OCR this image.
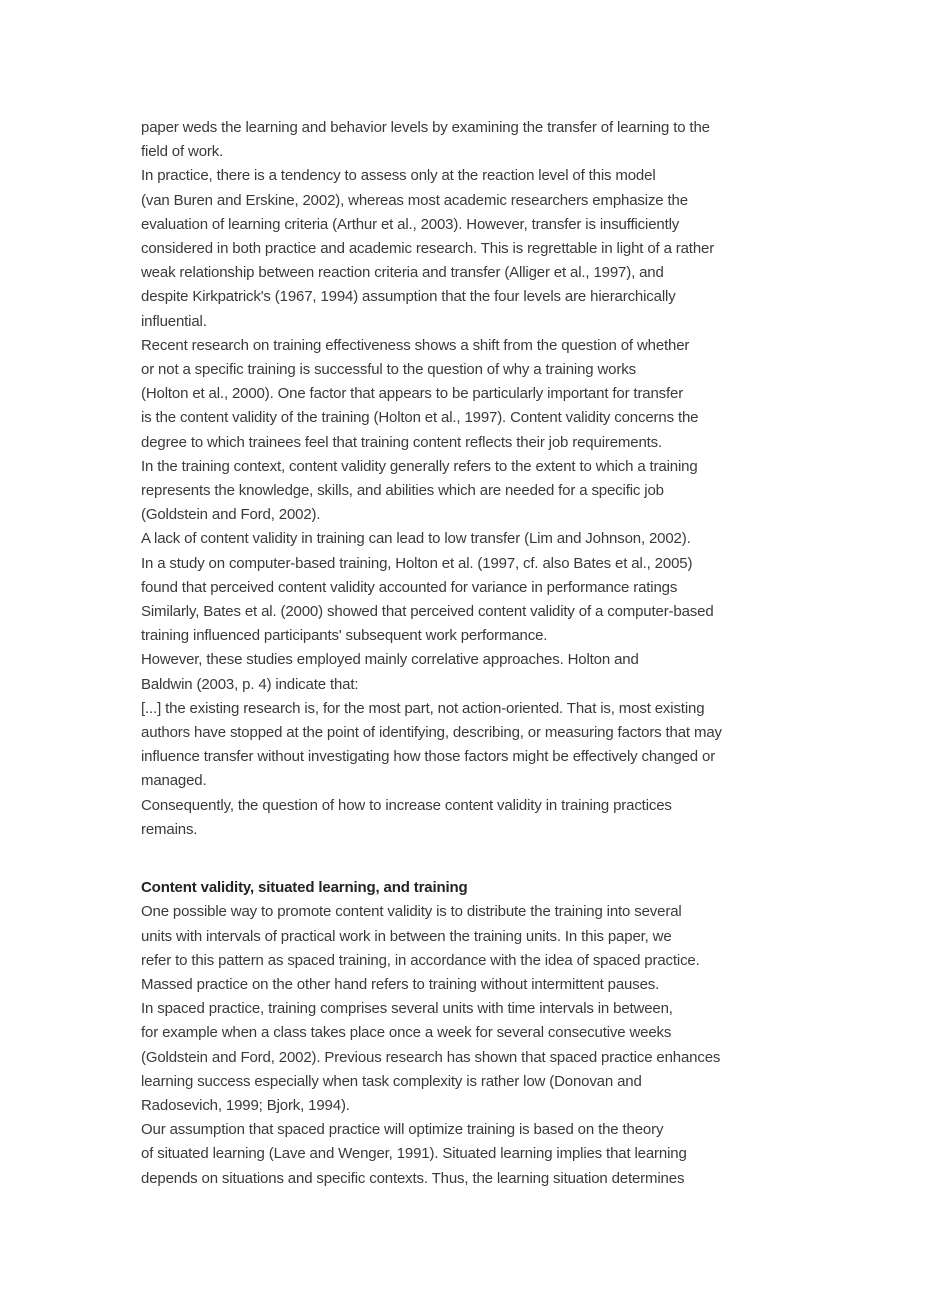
paper weds the learning and behavior levels by examining the transfer of learning to the
field of work.

In practice, there is a tendency to assess only at the reaction level of this model
(van Buren and Erskine, 2002), whereas most academic researchers emphasize the
evaluation of learning criteria (Arthur et al., 2003). However, transfer is insufficiently
considered in both practice and academic research. This is regrettable in light of a rather
weak relationship between reaction criteria and transfer (Alliger et al., 1997), and
despite Kirkpatrick's (1967, 1994) assumption that the four levels are hierarchically
influential.

Recent research on training effectiveness shows a shift from the question of whether
or not a specific training is successful to the question of why a training works
(Holton et al., 2000). One factor that appears to be particularly important for transfer
is the content validity of the training (Holton et al., 1997). Content validity concerns the
degree to which trainees feel that training content reflects their job requirements.
In the training context, content validity generally refers to the extent to which a training
represents the knowledge, skills, and abilities which are needed for a specific job
(Goldstein and Ford, 2002).

A lack of content validity in training can lead to low transfer (Lim and Johnson, 2002).
In a study on computer-based training, Holton et al. (1997, cf. also Bates et al., 2005)
found that perceived content validity accounted for variance in performance ratings
Similarly, Bates et al. (2000) showed that perceived content validity of a computer-based
training influenced participants' subsequent work performance.

However, these studies employed mainly correlative approaches. Holton and
Baldwin (2003, p. 4) indicate that:

[...] the existing research is, for the most part, not action-oriented. That is, most existing
authors have stopped at the point of identifying, describing, or measuring factors that may
influence transfer without investigating how those factors might be effectively changed or
managed.

Consequently, the question of how to increase content validity in training practices
remains.

Content validity, situated learning, and training

One possible way to promote content validity is to distribute the training into several
units with intervals of practical work in between the training units. In this paper, we
refer to this pattern as spaced training, in accordance with the idea of spaced practice.
Massed practice on the other hand refers to training without intermittent pauses.
In spaced practice, training comprises several units with time intervals in between,
for example when a class takes place once a week for several consecutive weeks
(Goldstein and Ford, 2002). Previous research has shown that spaced practice enhances
learning success especially when task complexity is rather low (Donovan and
Radosevich, 1999; Bjork, 1994).

Our assumption that spaced practice will optimize training is based on the theory
of situated learning (Lave and Wenger, 1991). Situated learning implies that learning
depends on situations and specific contexts. Thus, the learning situation determines
